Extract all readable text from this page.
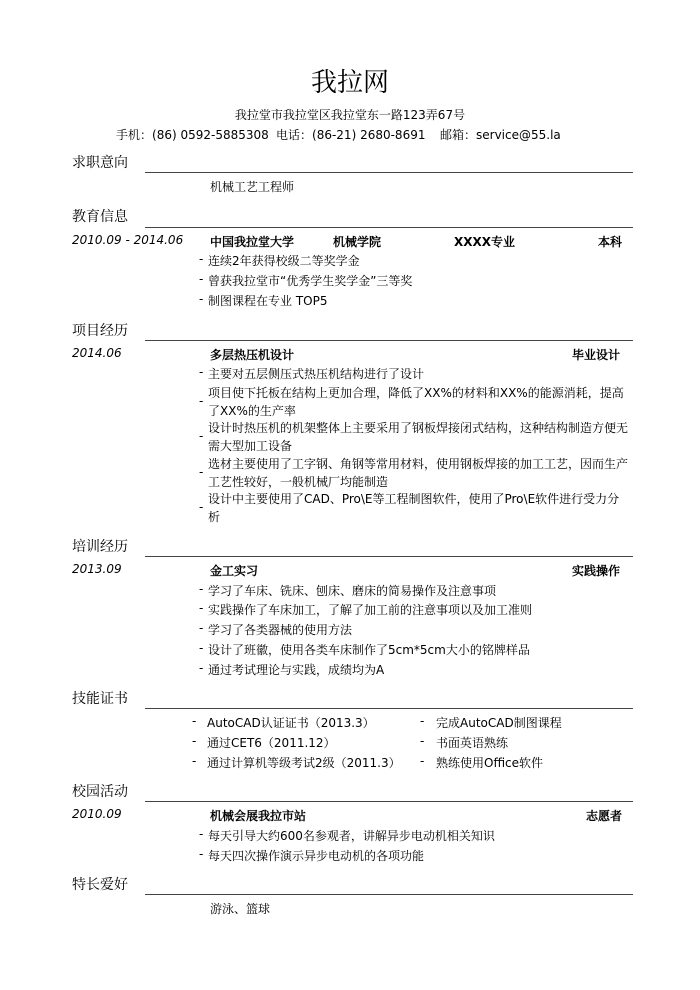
我拉网
我拉堂市我拉堂区我拉堂东一路123弄67号
手机：(86) 0592-5885308 电话：(86-21) 2680-8691 邮箱：service@55.la
求职意向
机械工艺工程师
教育信息
2010.09 - 2014.06 中国我拉堂大学	机械学院	XXXX专业	本科
- 连续2年获得校级二等奖学金
- 曾获我拉堂市“优秀学生奖学金”三等奖
- 制图课程在专业 TOP5
项目经历
2014.06	多层热压机设计	毕业设计
- 主要对五层侧压式热压机结构进行了设计
-
项目使下托板在结构上更加合理，降低了XX%的材料和XX%的能源消耗，提高了XX%的生产率
-
设计时热压机的机架整体上主要采用了钢板焊接闭式结构，这种结构制造方便无需大型加工设备
-
选材主要使用了工字钢、角钢等常用材料，使用钢板焊接的加工工艺，因而生产工艺性较好，一般机械厂均能制造
-
设计中主要使用了CAD、Pro\E等工程制图软件，使用了Pro\E软件进行受力分析
培训经历
2013.09	金工实习	实践操作
- 学习了车床、铣床、刨床、磨床的简易操作及注意事项
- 实践操作了车床加工，了解了加工前的注意事项以及加工准则
- 学习了各类器械的使用方法
- 设计了班徽，使用各类车床制作了5cm*5cm大小的铭牌样品
- 通过考试理论与实践，成绩均为A
技能证书
- AutoCAD认证证书（2013.3）	- 完成AutoCAD制图课程
- 通过CET6（2011.12）	- 书面英语熟练
- 通过计算机等级考试2级（2011.3） - 熟练使用Office软件
校园活动
2010.09	机械会展我拉市站	志愿者
- 每天引导大约600名参观者，讲解异步电动机相关知识
- 每天四次操作演示异步电动机的各项功能
特长爱好
游泳、篮球
